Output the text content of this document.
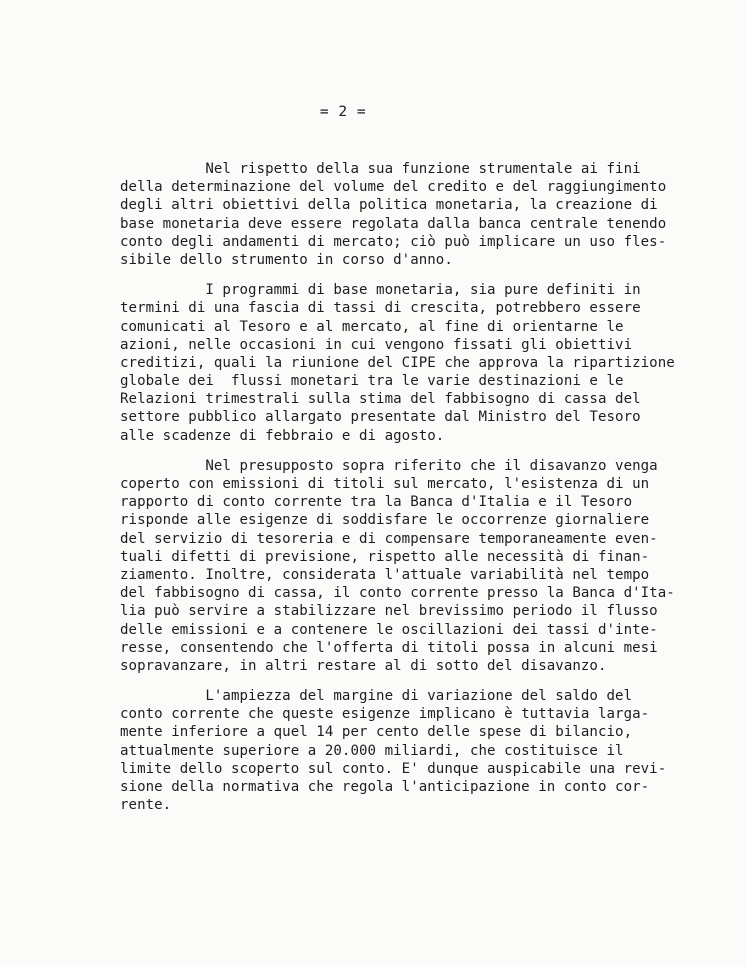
= 2 =
Nel rispetto della sua funzione strumentale ai fini
della determinazione del volume del credito e del raggiungimento
degli altri obiettivi della politica monetaria, la creazione di
base monetaria deve essere regolata dalla banca centrale tenendo
conto degli andamenti di mercato; ciò può implicare un uso fles-
sibile dello strumento in corso d'anno.
I programmi di base monetaria, sia pure definiti in
termini di una fascia di tassi di crescita, potrebbero essere
comunicati al Tesoro e al mercato, al fine di orientarne le
azioni, nelle occasioni in cui vengono fissati gli obiettivi
creditizi, quali la riunione del CIPE che approva la ripartizione
globale dei  flussi monetari tra le varie destinazioni e le
Relazioni trimestrali sulla stima del fabbisogno di cassa del
settore pubblico allargato presentate dal Ministro del Tesoro
alle scadenze di febbraio e di agosto.
Nel presupposto sopra riferito che il disavanzo venga
coperto con emissioni di titoli sul mercato, l'esistenza di un
rapporto di conto corrente tra la Banca d'Italia e il Tesoro
risponde alle esigenze di soddisfare le occorrenze giornaliere
del servizio di tesoreria e di compensare temporaneamente even-
tuali difetti di previsione, rispetto alle necessità di finan-
ziamento. Inoltre, considerata l'attuale variabilità nel tempo
del fabbisogno di cassa, il conto corrente presso la Banca d'Ita-
lia può servire a stabilizzare nel brevissimo periodo il flusso
delle emissioni e a contenere le oscillazioni dei tassi d'inte-
resse, consentendo che l'offerta di titoli possa in alcuni mesi
sopravanzare, in altri restare al di sotto del disavanzo.
L'ampiezza del margine di variazione del saldo del
conto corrente che queste esigenze implicano è tuttavia larga-
mente inferiore a quel 14 per cento delle spese di bilancio,
attualmente superiore a 20.000 miliardi, che costituisce il
limite dello scoperto sul conto. E' dunque auspicabile una revi-
sione della normativa che regola l'anticipazione in conto cor-
rente.
